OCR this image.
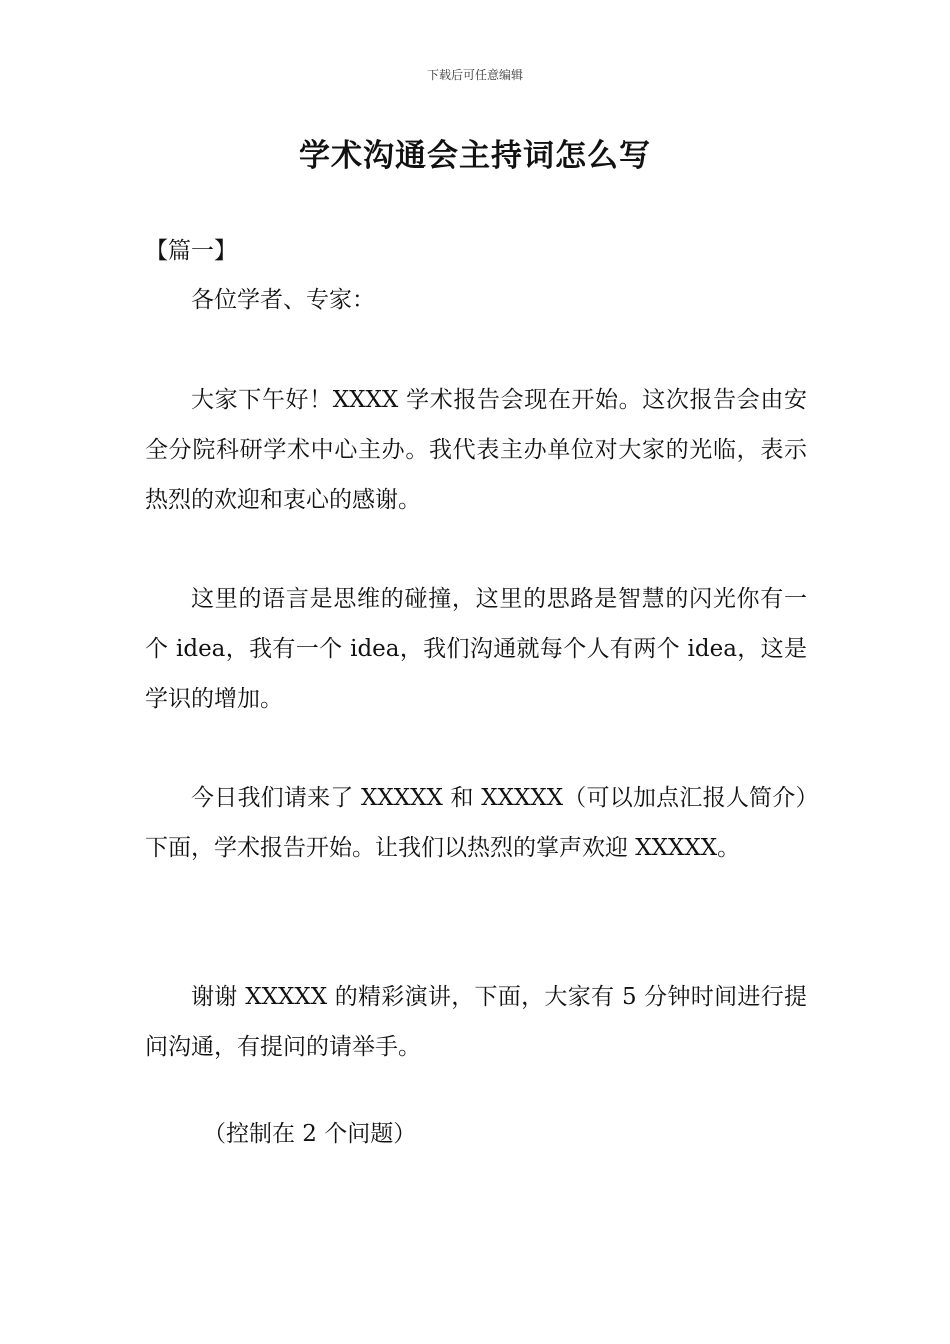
下载后可任意编辑
学术沟通会主持词怎么写
【篇一】
各位学者、专家：
大家下午好！XXXX 学术报告会现在开始。这次报告会由安全分院科研学术中心主办。我代表主办单位对大家的光临，表示热烈的欢迎和衷心的感谢。
这里的语言是思维的碰撞，这里的思路是智慧的闪光你有一个 idea，我有一个 idea，我们沟通就每个人有两个 idea，这是学识的增加。
今日我们请来了 XXXXX 和 XXXXX（可以加点汇报人简介）下面，学术报告开始。让我们以热烈的掌声欢迎 XXXXX。
谢谢 XXXXX 的精彩演讲，下面，大家有 5 分钟时间进行提问沟通，有提问的请举手。
（控制在 2 个问题）
